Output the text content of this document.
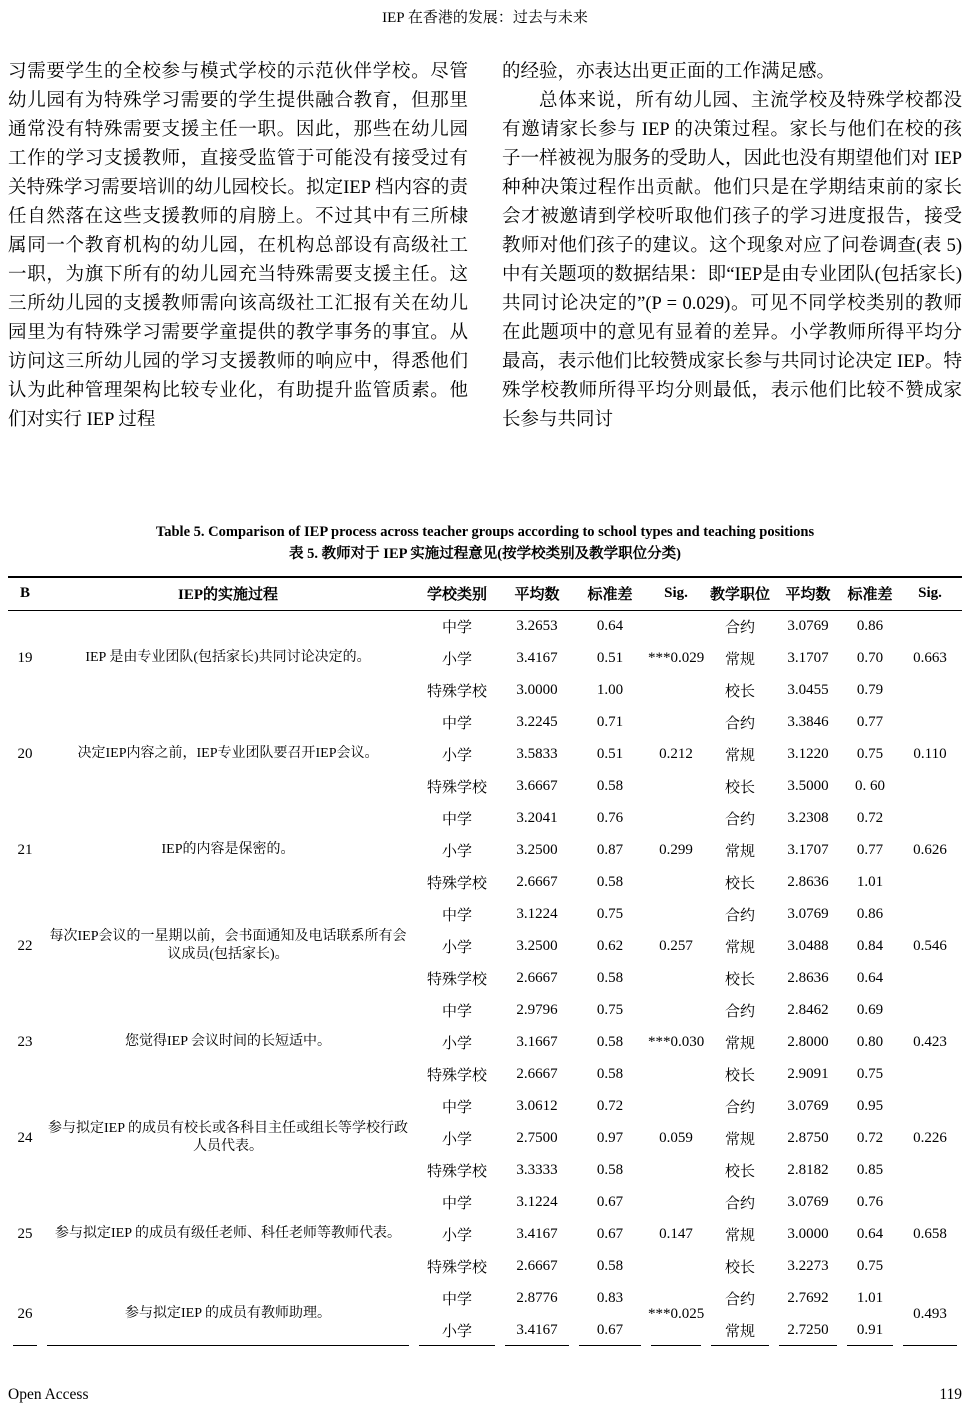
IEP 在香港的发展：过去与未来

习需要学生的全校参与模式学校的示范伙伴学校。尽管幼儿园有为特殊学习需要的学生提供融合教育，但那里通常没有特殊需要支援主任一职。因此，那些在幼儿园工作的学习支援教师，直接受监管于可能没有接受过有关特殊学习需要培训的幼儿园校长。拟定IEP 档内容的责任自然落在这些支援教师的肩膀上。不过其中有三所棣属同一个教育机构的幼儿园，在机构总部设有高级社工一职，为旗下所有的幼儿园充当特殊需要支援主任。这三所幼儿园的支援教师需向该高级社工汇报有关在幼儿园里为有特殊学习需要学童提供的教学事务的事宜。从访问这三所幼儿园的学习支援教师的响应中，得悉他们认为此种管理架构比较专业化，有助提升监管质素。他们对实行 IEP 过程

的经验，亦表达出更正面的工作满足感。

总体来说，所有幼儿园、主流学校及特殊学校都没有邀请家长参与 IEP 的决策过程。家长与他们在校的孩子一样被视为服务的受助人，因此也没有期望他们对 IEP 种种决策过程作出贡献。他们只是在学期结束前的家长会才被邀请到学校听取他们孩子的学习进度报告，接受教师对他们孩子的建议。这个现象对应了问卷调查(表 5)中有关题项的数据结果：即“IEP是由专业团队(包括家长)共同讨论决定的”(P = 0.029)。可见不同学校类别的教师在此题项中的意见有显着的差异。小学教师所得平均分最高，表示他们比较赞成家长参与共同讨论决定 IEP。特殊学校教师所得平均分则最低，表示他们比较不赞成家长参与共同讨

Table 5. Comparison of IEP process across teacher groups according to school types and teaching positions
表 5. 教师对于 IEP 实施过程意见(按学校类别及教学职位分类)
B	IEP的实施过程	学校类别	平均数	标准差	Sig.	教学职位	平均数	标准差	Sig.
19	IEP 是由专业团队(包括家长)共同讨论决定的。	中学	3.2653	0.64	***0.029	合约	3.0769	0.86	0.663
		小学	3.4167	0.51		常规	3.1707	0.70	
		特殊学校	3.0000	1.00		校长	3.0455	0.79	
20	决定IEP内容之前，IEP专业团队要召开IEP会议。	中学	3.2245	0.71	0.212	合约	3.3846	0.77	0.110
		小学	3.5833	0.51		常规	3.1220	0.75	
		特殊学校	3.6667	0.58		校长	3.5000	0. 60	
21	IEP的内容是保密的。	中学	3.2041	0.76	0.299	合约	3.2308	0.72	0.626
		小学	3.2500	0.87		常规	3.1707	0.77	
		特殊学校	2.6667	0.58		校长	2.8636	1.01	
22	每次IEP会议的一星期以前，会书面通知及电话联系所有会议成员(包括家长)。	中学	3.1224	0.75	0.257	合约	3.0769	0.86	0.546
		小学	3.2500	0.62		常规	3.0488	0.84	
		特殊学校	2.6667	0.58		校长	2.8636	0.64	
23	您觉得IEP 会议时间的长短适中。	中学	2.9796	0.75	***0.030	合约	2.8462	0.69	0.423
		小学	3.1667	0.58		常规	2.8000	0.80	
		特殊学校	2.6667	0.58		校长	2.9091	0.75	
24	参与拟定IEP 的成员有校长或各科目主任或组长等学校行政人员代表。	中学	3.0612	0.72	0.059	合约	3.0769	0.95	0.226
		小学	2.7500	0.97		常规	2.8750	0.72	
		特殊学校	3.3333	0.58		校长	2.8182	0.85	
25	参与拟定IEP 的成员有级任老师、科任老师等教师代表。	中学	3.1224	0.67	0.147	合约	3.0769	0.76	0.658
		小学	3.4167	0.67		常规	3.0000	0.64	
		特殊学校	2.6667	0.58		校长	3.2273	0.75	
26	参与拟定IEP 的成员有教师助理。	中学	2.8776	0.83	***0.025	合约	2.7692	1.01	0.493
		小学	3.4167	0.67		常规	2.7250	0.91	
Open Access	119
